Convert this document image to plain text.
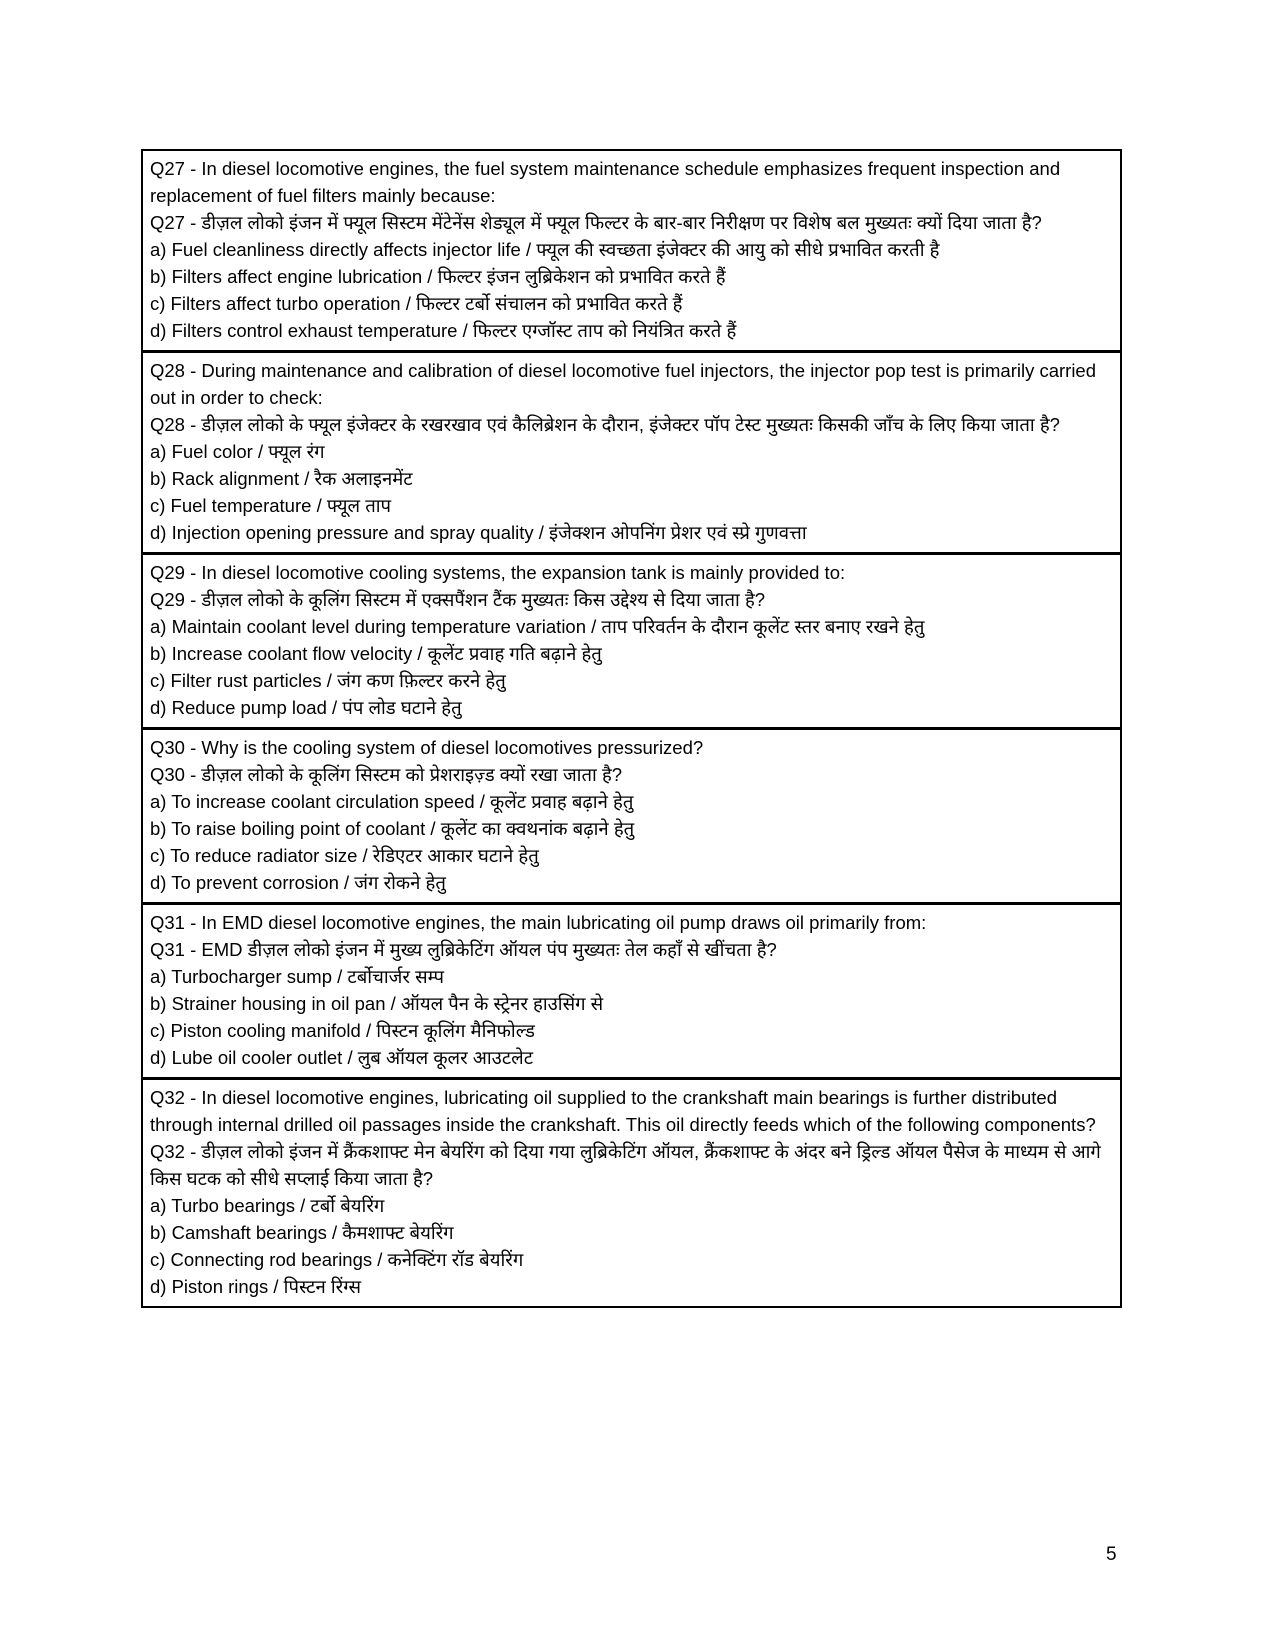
Q27 - In diesel locomotive engines, the fuel system maintenance schedule emphasizes frequent inspection and replacement of fuel filters mainly because:
Q27 - डीज़ल लोको इंजन में फ्यूल सिस्टम मेंटेनेंस शेड्यूल में फ्यूल फिल्टर के बार-बार निरीक्षण पर विशेष बल मुख्यतः क्यों दिया जाता है?
a) Fuel cleanliness directly affects injector life / फ्यूल की स्वच्छता इंजेक्टर की आयु को सीधे प्रभावित करती है
b) Filters affect engine lubrication / फिल्टर इंजन लुब्रिकेशन को प्रभावित करते हैं
c) Filters affect turbo operation / फिल्टर टर्बो संचालन को प्रभावित करते हैं
d) Filters control exhaust temperature / फिल्टर एग्जॉस्ट ताप को नियंत्रित करते हैं
Q28 - During maintenance and calibration of diesel locomotive fuel injectors, the injector pop test is primarily carried out in order to check:
Q28 - डीज़ल लोको के फ्यूल इंजेक्टर के रखरखाव एवं कैलिब्रेशन के दौरान, इंजेक्टर पॉप टेस्ट मुख्यतः किसकी जाँच के लिए किया जाता है?
a) Fuel color / फ्यूल रंग
b) Rack alignment / रैक अलाइनमेंट
c) Fuel temperature / फ्यूल ताप
d) Injection opening pressure and spray quality / इंजेक्शन ओपनिंग प्रेशर एवं स्प्रे गुणवत्ता
Q29 - In diesel locomotive cooling systems, the expansion tank is mainly provided to:
Q29 - डीज़ल लोको के कूलिंग सिस्टम में एक्सपैंशन टैंक मुख्यतः किस उद्देश्य से दिया जाता है?
a) Maintain coolant level during temperature variation / ताप परिवर्तन के दौरान कूलेंट स्तर बनाए रखने हेतु
b) Increase coolant flow velocity / कूलेंट प्रवाह गति बढ़ाने हेतु
c) Filter rust particles / जंग कण फ़िल्टर करने हेतु
d) Reduce pump load / पंप लोड घटाने हेतु
Q30 - Why is the cooling system of diesel locomotives pressurized?
Q30 - डीज़ल लोको के कूलिंग सिस्टम को प्रेशराइज़्ड क्यों रखा जाता है?
a) To increase coolant circulation speed / कूलेंट प्रवाह बढ़ाने हेतु
b) To raise boiling point of coolant / कूलेंट का क्वथनांक बढ़ाने हेतु
c) To reduce radiator size / रेडिएटर आकार घटाने हेतु
d) To prevent corrosion / जंग रोकने हेतु
Q31 - In EMD diesel locomotive engines, the main lubricating oil pump draws oil primarily from:
Q31 - EMD डीज़ल लोको इंजन में मुख्य लुब्रिकेटिंग ऑयल पंप मुख्यतः तेल कहाँ से खींचता है?
a) Turbocharger sump / टर्बोचार्जर सम्प
b) Strainer housing in oil pan / ऑयल पैन के स्ट्रेनर हाउसिंग से
c) Piston cooling manifold / पिस्टन कूलिंग मैनिफोल्ड
d) Lube oil cooler outlet / लुब ऑयल कूलर आउटलेट
Q32 - In diesel locomotive engines, lubricating oil supplied to the crankshaft main bearings is further distributed through internal drilled oil passages inside the crankshaft. This oil directly feeds which of the following components?
Q32 - डीज़ल लोको इंजन में क्रैंकशाफ्ट मेन बेयरिंग को दिया गया लुब्रिकेटिंग ऑयल, क्रैंकशाफ्ट के अंदर बने ड्रिल्ड ऑयल पैसेज के माध्यम से आगे किस घटक को सीधे सप्लाई किया जाता है?
a) Turbo bearings / टर्बो बेयरिंग
b) Camshaft bearings / कैमशाफ्ट बेयरिंग
c) Connecting rod bearings / कनेक्टिंग रॉड बेयरिंग
d) Piston rings / पिस्टन रिंग्स
5
